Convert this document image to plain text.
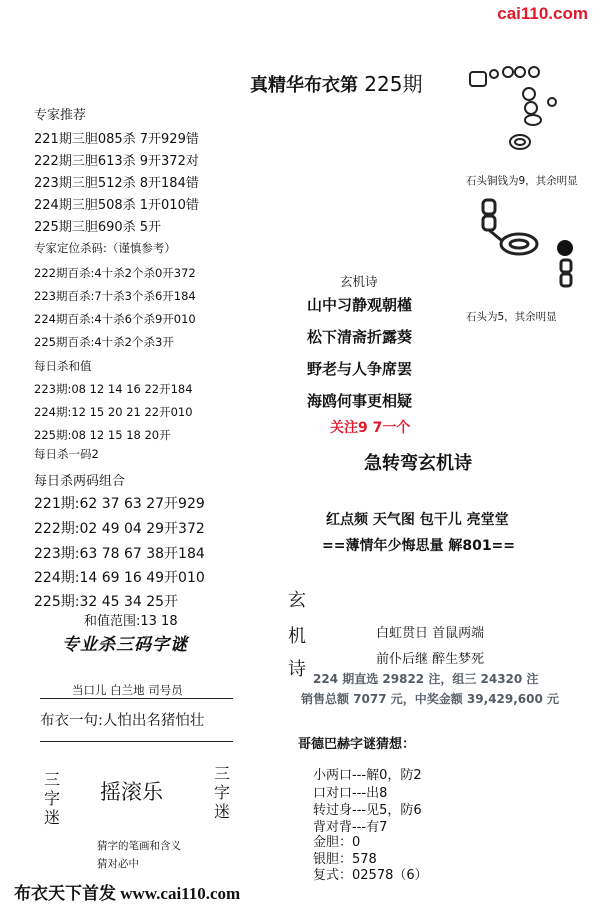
cai110.com
真精华布衣第 225期
专家推荐
221期三胆085杀 7开929错
222期三胆613杀 9开372对
223期三胆512杀 8开184错
224期三胆508杀 1开010错
225期三胆690杀 5开
专家定位杀码:（谨慎参考）
222期百杀:4十杀2个杀0开372
223期百杀:7十杀3个杀6开184
224期百杀:4十杀6个杀9开010
225期百杀:4十杀2个杀3开
每日杀和值
223期:08 12 14 16 22开184
224期:12 15 20 21 22开010
225期:08 12 15 18 20开
每日杀一码2
每日杀两码组合
221期:62 37 63 27开929
222期:02 49 04 29开372
223期:63 78 67 38开184
224期:14 69 16 49开010
225期:32 45 34 25开
和值范围:13 18
专业杀三码字谜
当口儿 白兰地 司号员
布衣一句:人怕出名猪怕壮
三字迷
摇滚乐
三字迷
猜字的笔画和含义
猜对必中
石头铜钱为9，其余明显
石头为5，其余明显
玄机诗
山中习静观朝槿
松下清斋折露葵
野老与人争席罢
海鸥何事更相疑
关注9 7一个
急转弯玄机诗
红点频 天气图 包干儿 亮堂堂
==薄情年少悔思量 解801==
玄
机
诗
白虹贯日 首鼠两端
前仆后继 醉生梦死
224 期直选 29822 注，组三 24320 注
销售总额 7077 元，中奖金额 39,429,600 元
哥德巴赫字谜猜想：
小两口---解0，防2
口对口---出8
转过身---见5，防6
背对背---有7
金胆：0
银胆：578
复式：02578（6）
布衣天下首发 www.cai110.com
